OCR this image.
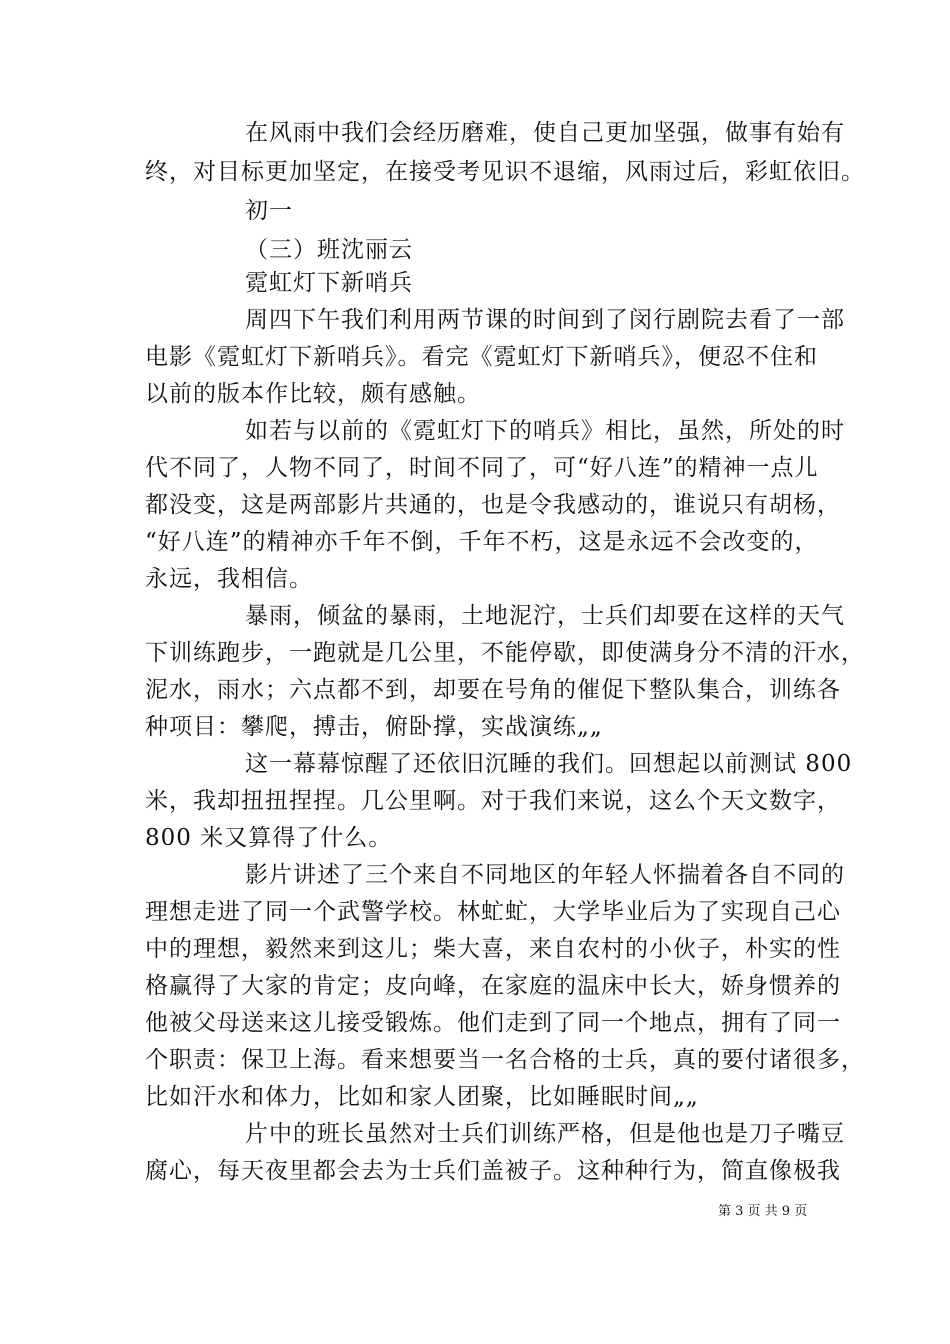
在风雨中我们会经历磨难，使自己更加坚强，做事有始有
终，对目标更加坚定，在接受考见识不退缩，风雨过后，彩虹依旧。
初一
（三）班沈丽云
霓虹灯下新哨兵
周四下午我们利用两节课的时间到了闵行剧院去看了一部
电影《霓虹灯下新哨兵》。看完《霓虹灯下新哨兵》，便忍不住和
以前的版本作比较，颇有感触。
如若与以前的《霓虹灯下的哨兵》相比，虽然，所处的时
代不同了，人物不同了，时间不同了，可“好八连”的精神一点儿
都没变，这是两部影片共通的，也是令我感动的，谁说只有胡杨，
“好八连”的精神亦千年不倒，千年不朽，这是永远不会改变的，
永远，我相信。
暴雨，倾盆的暴雨，土地泥泞，士兵们却要在这样的天气
下训练跑步，一跑就是几公里，不能停歇，即使满身分不清的汗水，
泥水，雨水；六点都不到，却要在号角的催促下整队集合，训练各
种项目：攀爬，搏击，俯卧撑，实战演练„„
这一幕幕惊醒了还依旧沉睡的我们。回想起以前测试 800
米，我却扭扭捏捏。几公里啊。对于我们来说，这么个天文数字，
800 米又算得了什么。
影片讲述了三个来自不同地区的年轻人怀揣着各自不同的
理想走进了同一个武警学校。林虻虻，大学毕业后为了实现自己心
中的理想，毅然来到这儿；柴大喜，来自农村的小伙子，朴实的性
格赢得了大家的肯定；皮向峰，在家庭的温床中长大，娇身惯养的
他被父母送来这儿接受锻炼。他们走到了同一个地点，拥有了同一
个职责：保卫上海。看来想要当一名合格的士兵，真的要付诸很多，
比如汗水和体力，比如和家人团聚，比如睡眠时间„„
片中的班长虽然对士兵们训练严格，但是他也是刀子嘴豆
腐心，每天夜里都会去为士兵们盖被子。这种种行为，简直像极我
第 3 页 共 9 页
